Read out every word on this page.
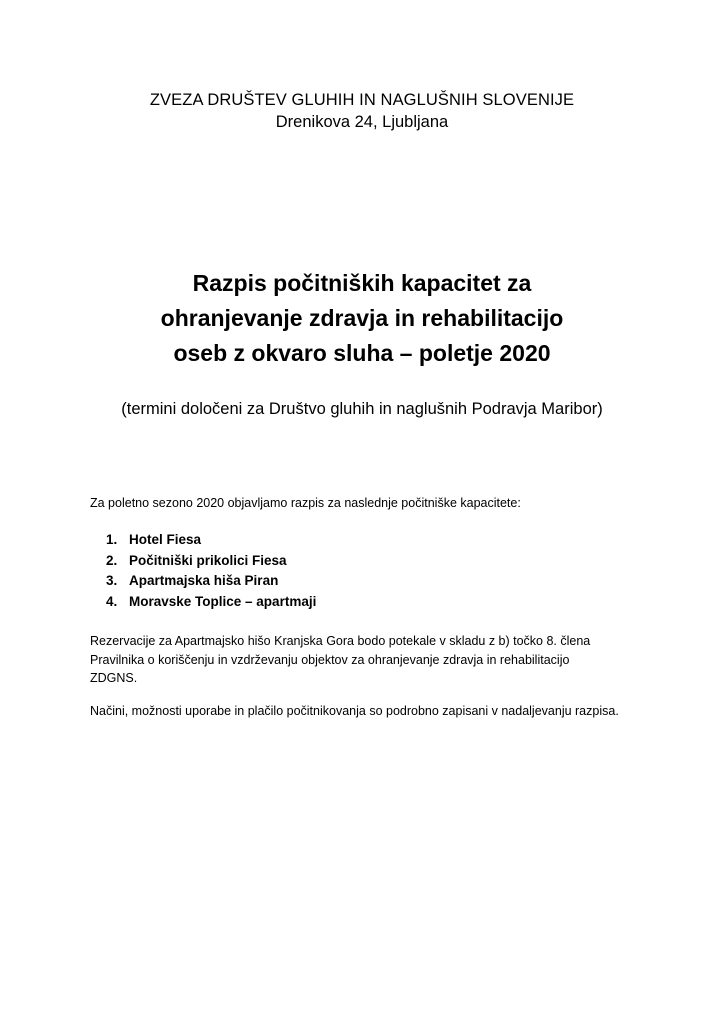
ZVEZA DRUŠTEV GLUHIH IN NAGLUŠNIH SLOVENIJE
Drenikova 24, Ljubljana
Razpis počitniških kapacitet za
ohranjevanje zdravja in rehabilitacijo
oseb z okvaro sluha – poletje 2020
(termini določeni za Društvo gluhih in naglušnih Podravja Maribor)
Za poletno sezono 2020 objavljamo razpis za naslednje počitniške kapacitete:
1. Hotel Fiesa
2. Počitniški prikolici Fiesa
3. Apartmajska hiša Piran
4. Moravske Toplice – apartmaji
Rezervacije za Apartmajsko hišo Kranjska Gora bodo potekale v skladu z b) točko 8. člena
Pravilnika o koriščenju in vzdrževanju objektov za ohranjevanje zdravja in rehabilitacijo
ZDGNS.
Načini, možnosti uporabe in plačilo počitnikovanja so podrobno zapisani v nadaljevanju razpisa.
